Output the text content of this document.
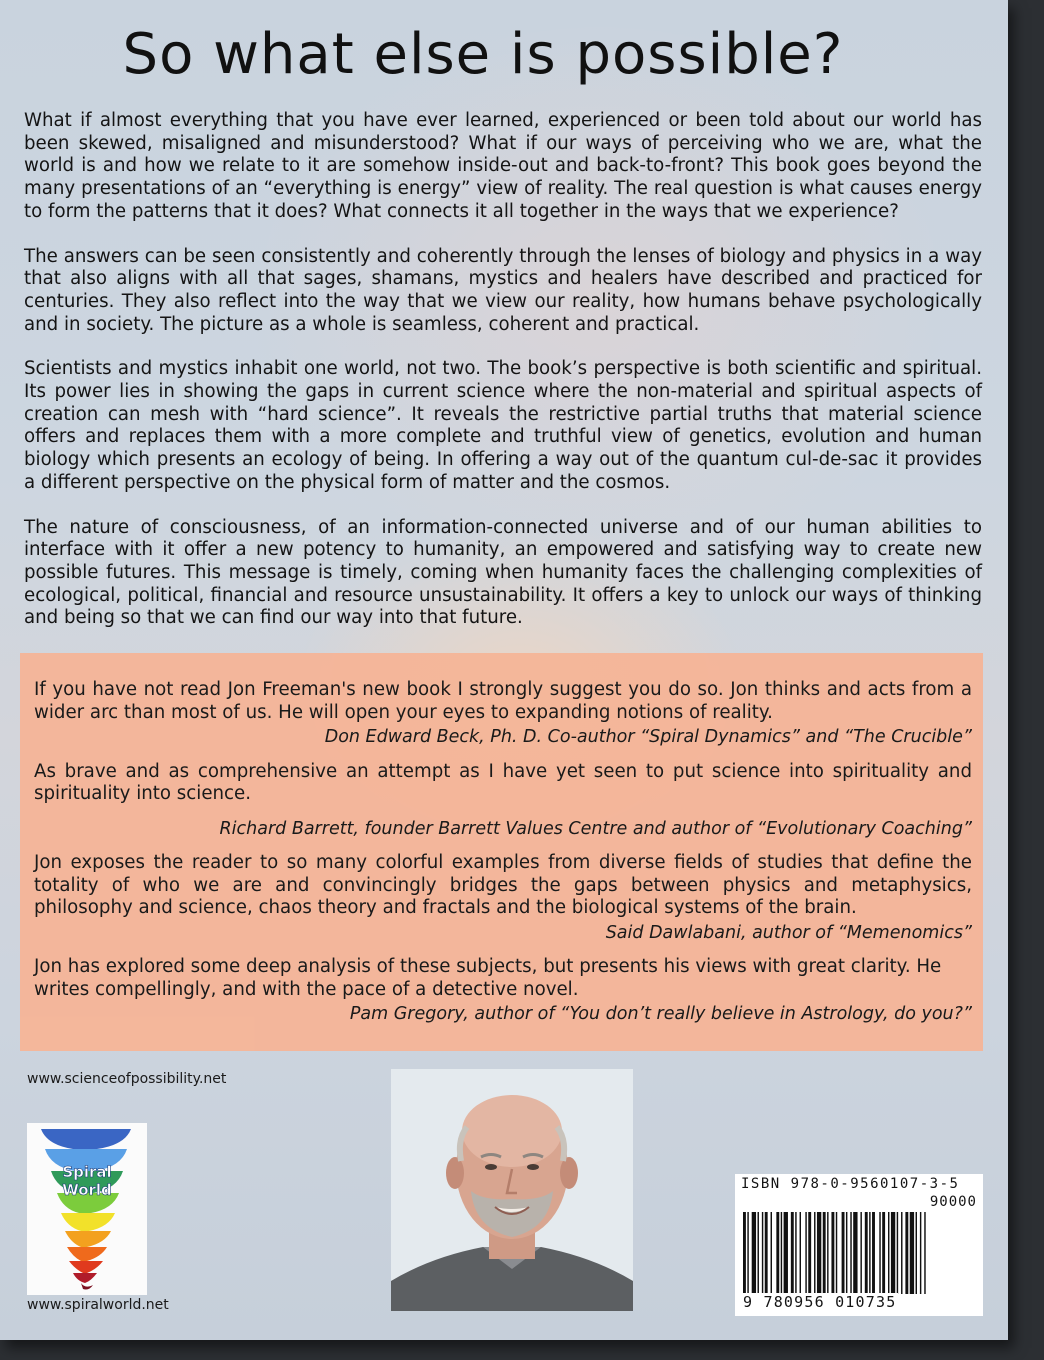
So what else is possible?

What if almost everything that you have ever learned, experienced or been told about our world has been skewed, misaligned and misunderstood? What if our ways of perceiving who we are, what the world is and how we relate to it are somehow inside-out and back-to-front? This book goes beyond the many presentations of an “everything is energy” view of reality. The real question is what causes energy to form the patterns that it does? What connects it all together in the ways that we experience?

The answers can be seen consistently and coherently through the lenses of biology and physics in a way that also aligns with all that sages, shamans, mystics and healers have described and practiced for centuries. They also reflect into the way that we view our reality, how humans behave psychologically and in society. The picture as a whole is seamless, coherent and practical.

Scientists and mystics inhabit one world, not two. The book’s perspective is both scientific and spiritual. Its power lies in showing the gaps in current science where the non-material and spiritual aspects of creation can mesh with “hard science”. It reveals the restrictive partial truths that material science offers and replaces them with a more complete and truthful view of genetics, evolution and human biology which presents an ecology of being. In offering a way out of the quantum cul-de-sac it provides a different perspective on the physical form of matter and the cosmos.

The nature of consciousness, of an information-connected universe and of our human abilities to interface with it offer a new potency to humanity, an empowered and satisfying way to create new possible futures. This message is timely, coming when humanity faces the challenging complexities of ecological, political, financial and resource unsustainability. It offers a key to unlock our ways of thinking and being so that we can find our way into that future.

If you have not read Jon Freeman's new book I strongly suggest you do so. Jon thinks and acts from a wider arc than most of us. He will open your eyes to expanding notions of reality.

Don Edward Beck, Ph. D. Co-author “Spiral Dynamics” and “The Crucible”

As brave and as comprehensive an attempt as I have yet seen to put science into spirituality and spirituality into science.

Richard Barrett, founder Barrett Values Centre and author of “Evolutionary Coaching”

Jon exposes the reader to so many colorful examples from diverse fields of studies that define the totality of who we are and convincingly bridges the gaps between physics and metaphysics, philosophy and science, chaos theory and fractals and the biological systems of the brain.

Said Dawlabani, author of “Memenomics”

Jon has explored some deep analysis of these subjects, but presents his views with great clarity. He writes compellingly, and with the pace of a detective novel.

Pam Gregory, author of “You don’t really believe in Astrology, do you?”

www.scienceofpossibility.net
Spiral
World
www.spiralworld.net
ISBN 978-0-9560107-3-5
90000
9 780956 010735
